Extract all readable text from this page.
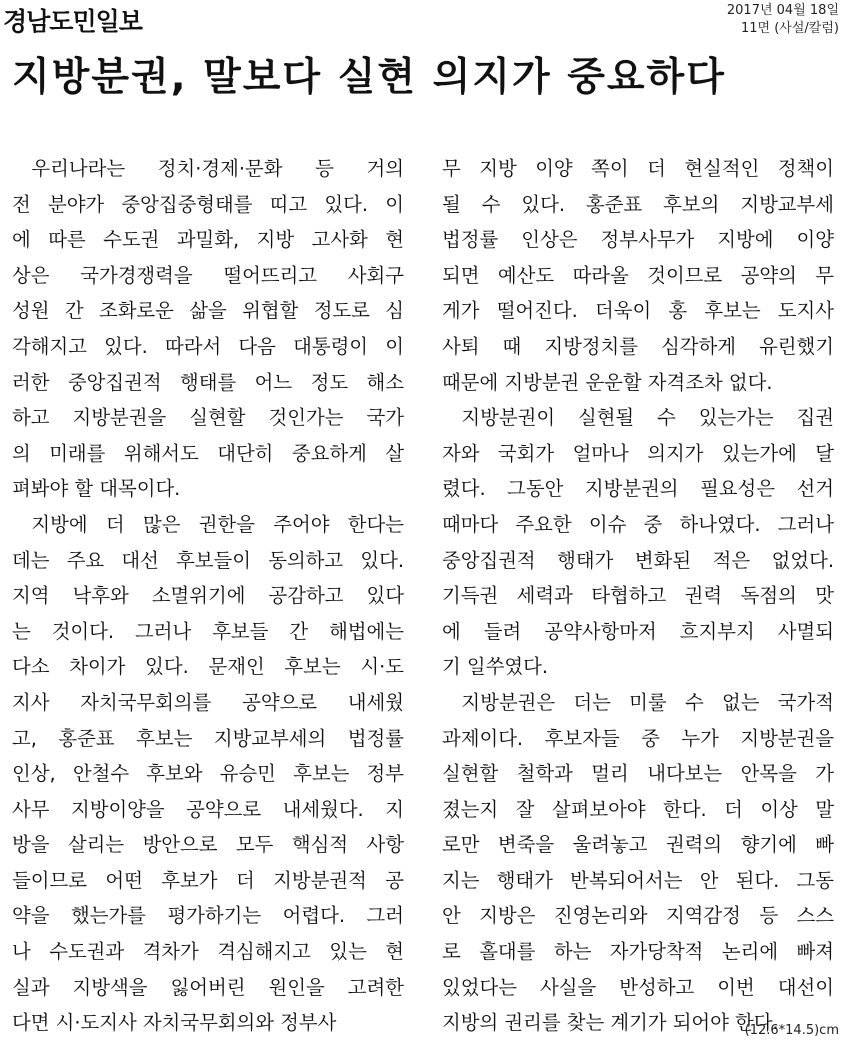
경남도민일보	2017년 04월 18일
11면 (사설/칼럼)
지방분권, 말보다 실현 의지가 중요하다
 우리나라는 정치·경제·문화 등 거의
전 분야가 중앙집중형태를 띠고 있다. 이
에 따른 수도권 과밀화, 지방 고사화 현
상은 국가경쟁력을 떨어뜨리고 사회구
성원 간 조화로운 삶을 위협할 정도로 심
각해지고 있다. 따라서 다음 대통령이 이
러한 중앙집권적 행태를 어느 정도 해소
하고 지방분권을 실현할 것인가는 국가
의 미래를 위해서도 대단히 중요하게 살
펴봐야 할 대목이다.
 지방에 더 많은 권한을 주어야 한다는
데는 주요 대선 후보들이 동의하고 있다.
지역 낙후와 소멸위기에 공감하고 있다
는 것이다. 그러나 후보들 간 해법에는
다소 차이가 있다. 문재인 후보는 시·도
지사 자치국무회의를 공약으로 내세웠
고, 홍준표 후보는 지방교부세의 법정률
인상, 안철수 후보와 유승민 후보는 정부
사무 지방이양을 공약으로 내세웠다. 지
방을 살리는 방안으로 모두 핵심적 사항
들이므로 어떤 후보가 더 지방분권적 공
약을 했는가를 평가하기는 어렵다. 그러
나 수도권과 격차가 격심해지고 있는 현
실과 지방색을 잃어버린 원인을 고려한
다면 시·도지사 자치국무회의와 정부사
무 지방 이양 쪽이 더 현실적인 정책이
될 수 있다. 홍준표 후보의 지방교부세
법정률 인상은 정부사무가 지방에 이양
되면 예산도 따라올 것이므로 공약의 무
게가 떨어진다. 더욱이 홍 후보는 도지사
사퇴 때 지방정치를 심각하게 유린했기
때문에 지방분권 운운할 자격조차 없다.
 지방분권이 실현될 수 있는가는 집권
자와 국회가 얼마나 의지가 있는가에 달
렸다. 그동안 지방분권의 필요성은 선거
때마다 주요한 이슈 중 하나였다. 그러나
중앙집권적 행태가 변화된 적은 없었다.
기득권 세력과 타협하고 권력 독점의 맛
에 들려 공약사항마저 흐지부지 사멸되
기 일쑤였다.
 지방분권은 더는 미룰 수 없는 국가적
과제이다. 후보자들 중 누가 지방분권을
실현할 철학과 멀리 내다보는 안목을 가
졌는지 잘 살펴보아야 한다. 더 이상 말
로만 변죽을 울려놓고 권력의 향기에 빠
지는 행태가 반복되어서는 안 된다. 그동
안 지방은 진영논리와 지역감정 등 스스
로 홀대를 하는 자가당착적 논리에 빠져
있었다는 사실을 반성하고 이번 대선이
지방의 권리를 찾는 계기가 되어야 한다.
(12.6*14.5)cm
